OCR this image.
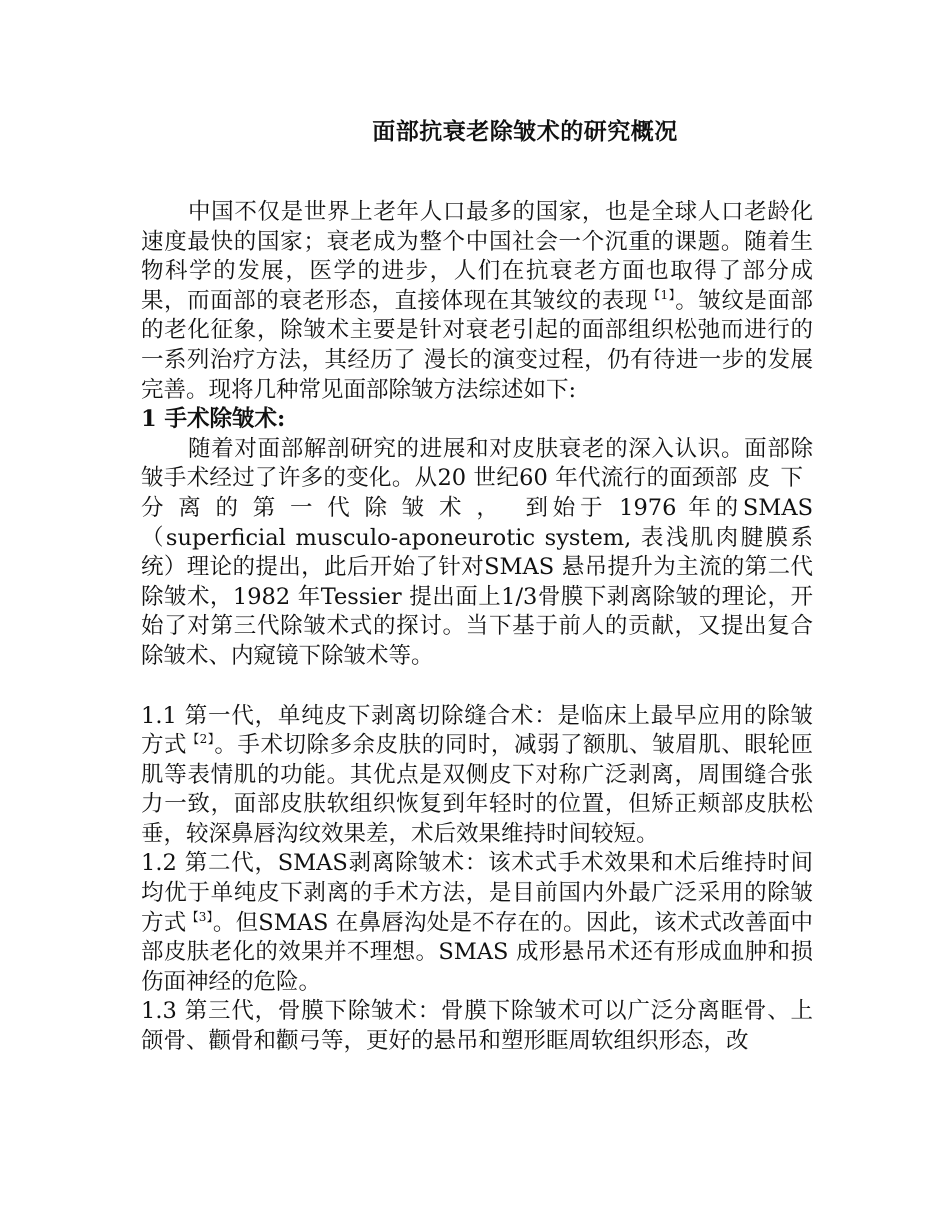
面部抗衰老除皱术的研究概况

中国不仅是世界上老年人口最多的国家，也是全球人口老龄化速度最快的国家；衰老成为整个中国社会一个沉重的课题。随着生物科学的发展，医学的进步，人们在抗衰老方面也取得了部分成果，而面部的衰老形态，直接体现在其皱纹的表现$^{【1】}$。皱纹是面部的老化征象，除皱术主要是针对衰老引起的面部组织松弛而进行的一系列治疗方法，其经历了 漫长的演变过程，仍有待进一步的发展完善。现将几种常见面部除皱方法综述如下:

1 手术除皱术:

随着对面部解剖研究的进展和对皮肤衰老的深入认识。面部除皱手术经过了许多的变化。从20 世纪60 年代流行的面颈部皮下分离的第一代除皱术， 到始于 1976 年的SMAS（superficial musculo-aponeurotic system, 表浅肌肉腱膜系统）理论的提出，此后开始了针对SMAS 悬吊提升为主流的第二代除皱术，1982 年Tessier 提出面上1/3骨膜下剥离除皱的理论，开始了对第三代除皱术式的探讨。当下基于前人的贡献，又提出复合除皱术、内窥镜下除皱术等。

1.1 第一代，单纯皮下剥离切除缝合术：是临床上最早应用的除皱方式$^{【2】}$。手术切除多余皮肤的同时，减弱了额肌、皱眉肌、眼轮匝肌等表情肌的功能。其优点是双侧皮下对称广泛剥离，周围缝合张力一致，面部皮肤软组织恢复到年轻时的位置，但矫正颊部皮肤松垂，较深鼻唇沟纹效果差，术后效果维持时间较短。

1.2 第二代，SMAS剥离除皱术：该术式手术效果和术后维持时间均优于单纯皮下剥离的手术方法，是目前国内外最广泛采用的除皱方式$^{【3】}$。但SMAS 在鼻唇沟处是不存在的。因此，该术式改善面中部皮肤老化的效果并不理想。SMAS 成形悬吊术还有形成血肿和损伤面神经的危险。

1.3 第三代，骨膜下除皱术：骨膜下除皱术可以广泛分离眶骨、上颌骨、颧骨和颧弓等，更好的悬吊和塑形眶周软组织形态，改
